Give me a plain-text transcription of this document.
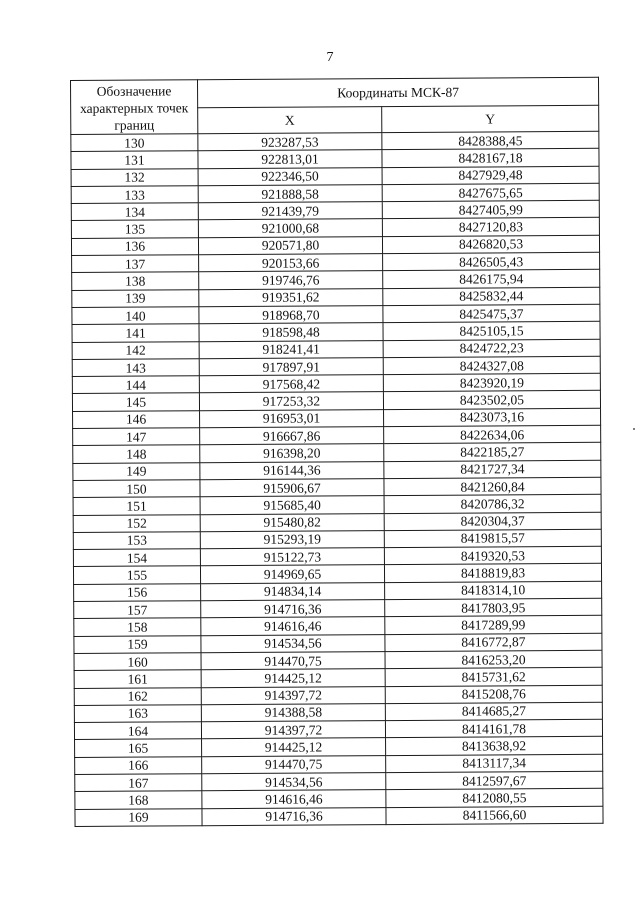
7
Обозначение характерных точек границ	Координаты МСК-87	
	X	Y
130	923287,53	8428388,45
131	922813,01	8428167,18
132	922346,50	8427929,48
133	921888,58	8427675,65
134	921439,79	8427405,99
135	921000,68	8427120,83
136	920571,80	8426820,53
137	920153,66	8426505,43
138	919746,76	8426175,94
139	919351,62	8425832,44
140	918968,70	8425475,37
141	918598,48	8425105,15
142	918241,41	8424722,23
143	917897,91	8424327,08
144	917568,42	8423920,19
145	917253,32	8423502,05
146	916953,01	8423073,16
147	916667,86	8422634,06
148	916398,20	8422185,27
149	916144,36	8421727,34
150	915906,67	8421260,84
151	915685,40	8420786,32
152	915480,82	8420304,37
153	915293,19	8419815,57
154	915122,73	8419320,53
155	914969,65	8418819,83
156	914834,14	8418314,10
157	914716,36	8417803,95
158	914616,46	8417289,99
159	914534,56	8416772,87
160	914470,75	8416253,20
161	914425,12	8415731,62
162	914397,72	8415208,76
163	914388,58	8414685,27
164	914397,72	8414161,78
165	914425,12	8413638,92
166	914470,75	8413117,34
167	914534,56	8412597,67
168	914616,46	8412080,55
169	914716,36	8411566,60
